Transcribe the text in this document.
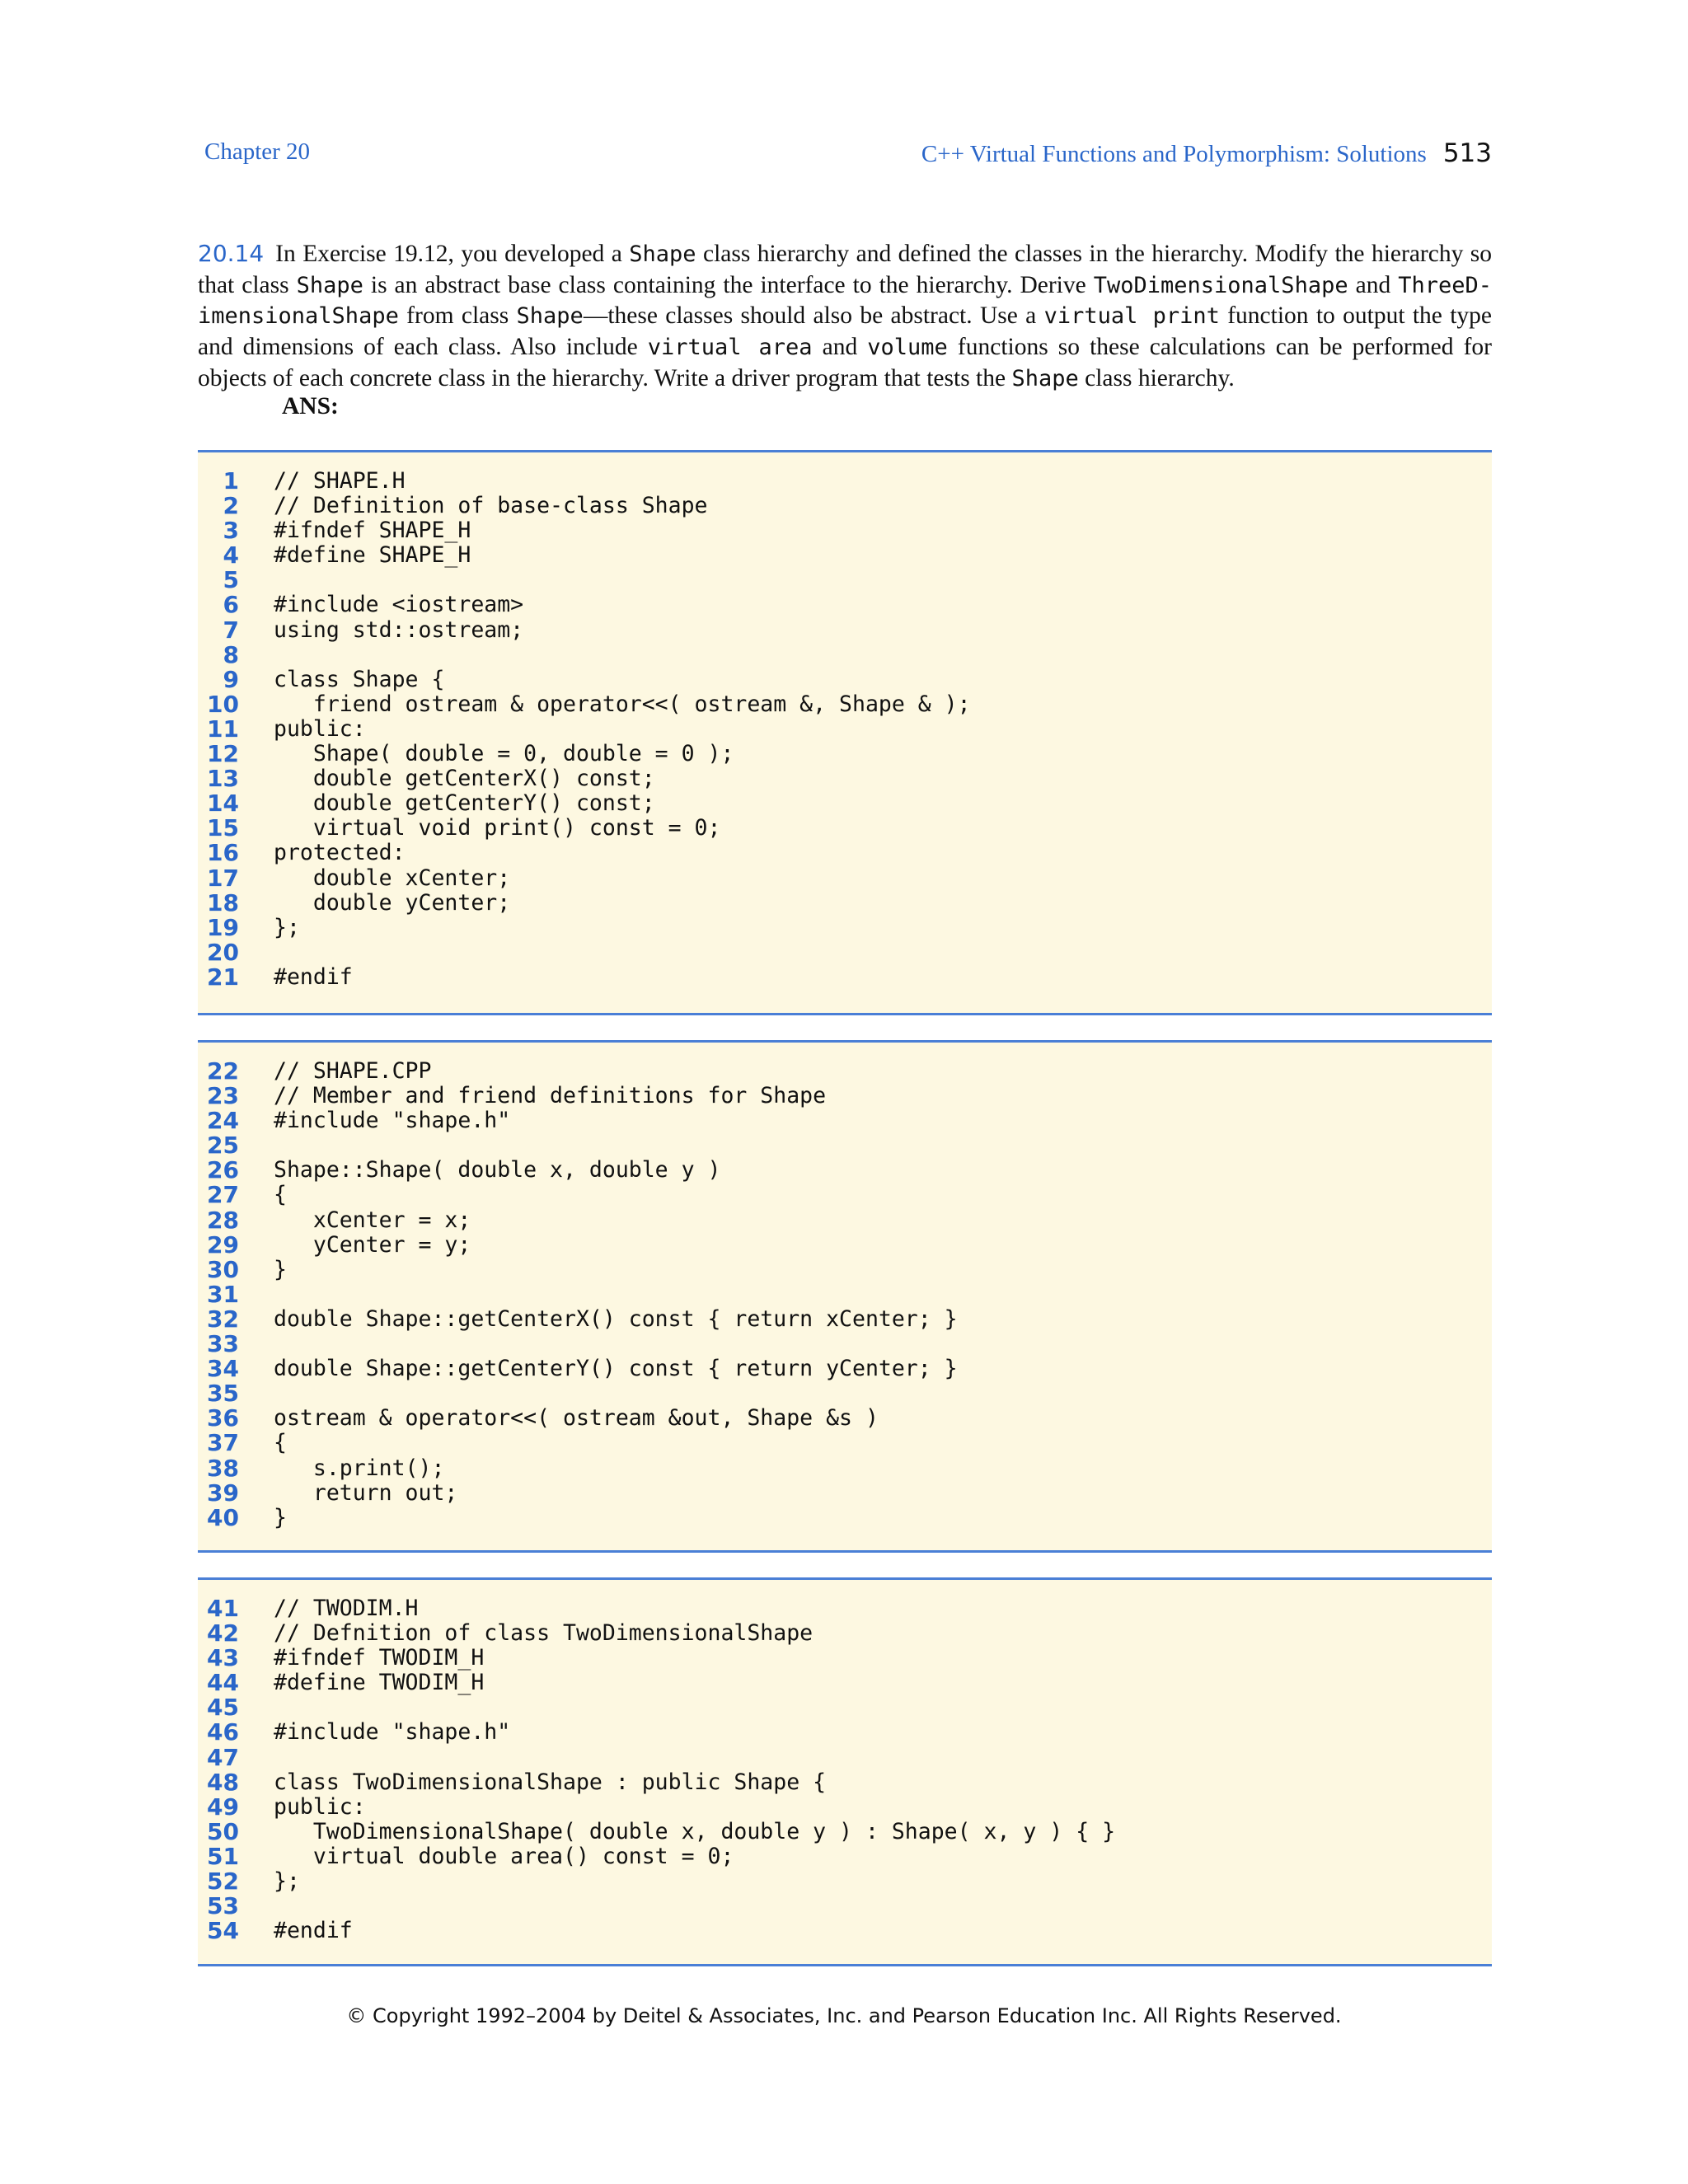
Chapter 20	C++ Virtual Functions and Polymorphism: Solutions 513

20.14 In Exercise 19.12, you developed a Shape class hierarchy and defined the classes in the hierarchy. Modify the hierarchy so that class Shape is an abstract base class containing the interface to the hierarchy. Derive TwoDimensionalShape and ThreeD-imensionalShape from class Shape—these classes should also be abstract. Use a virtual print function to output the type and dimensions of each class. Also include virtual area and volume functions so these calculations can be performed for objects of each concrete class in the hierarchy. Write a driver program that tests the Shape class hierarchy.

ANS:
1 // SHAPE.H
2 // Definition of base-class Shape
3 #ifndef SHAPE_H
4 #define SHAPE_H
5
6 #include <iostream>
7 using std::ostream;
8
9 class Shape {
10 friend ostream & operator<<( ostream &, Shape & );
11 public:
12 Shape( double = 0, double = 0 );
13 double getCenterX() const;
14 double getCenterY() const;
15 virtual void print() const = 0;
16 protected:
17 double xCenter;
18 double yCenter;
19 };
20
21 #endif
22 // SHAPE.CPP
23 // Member and friend definitions for Shape
24 #include "shape.h"
25
26 Shape::Shape( double x, double y )
27 {
28 xCenter = x;
29 yCenter = y;
30 }
31
32 double Shape::getCenterX() const { return xCenter; }
33
34 double Shape::getCenterY() const { return yCenter; }
35
36 ostream & operator<<( ostream &out, Shape &s )
37 {
38 s.print();
39 return out;
40 }
41 // TWODIM.H
42 // Defnition of class TwoDimensionalShape
43 #ifndef TWODIM_H
44 #define TWODIM_H
45
46 #include "shape.h"
47
48 class TwoDimensionalShape : public Shape {
49 public:
50 TwoDimensionalShape( double x, double y ) : Shape( x, y ) { }
51 virtual double area() const = 0;
52 };
53
54 #endif
© Copyright 1992–2004 by Deitel & Associates, Inc. and Pearson Education Inc. All Rights Reserved.
